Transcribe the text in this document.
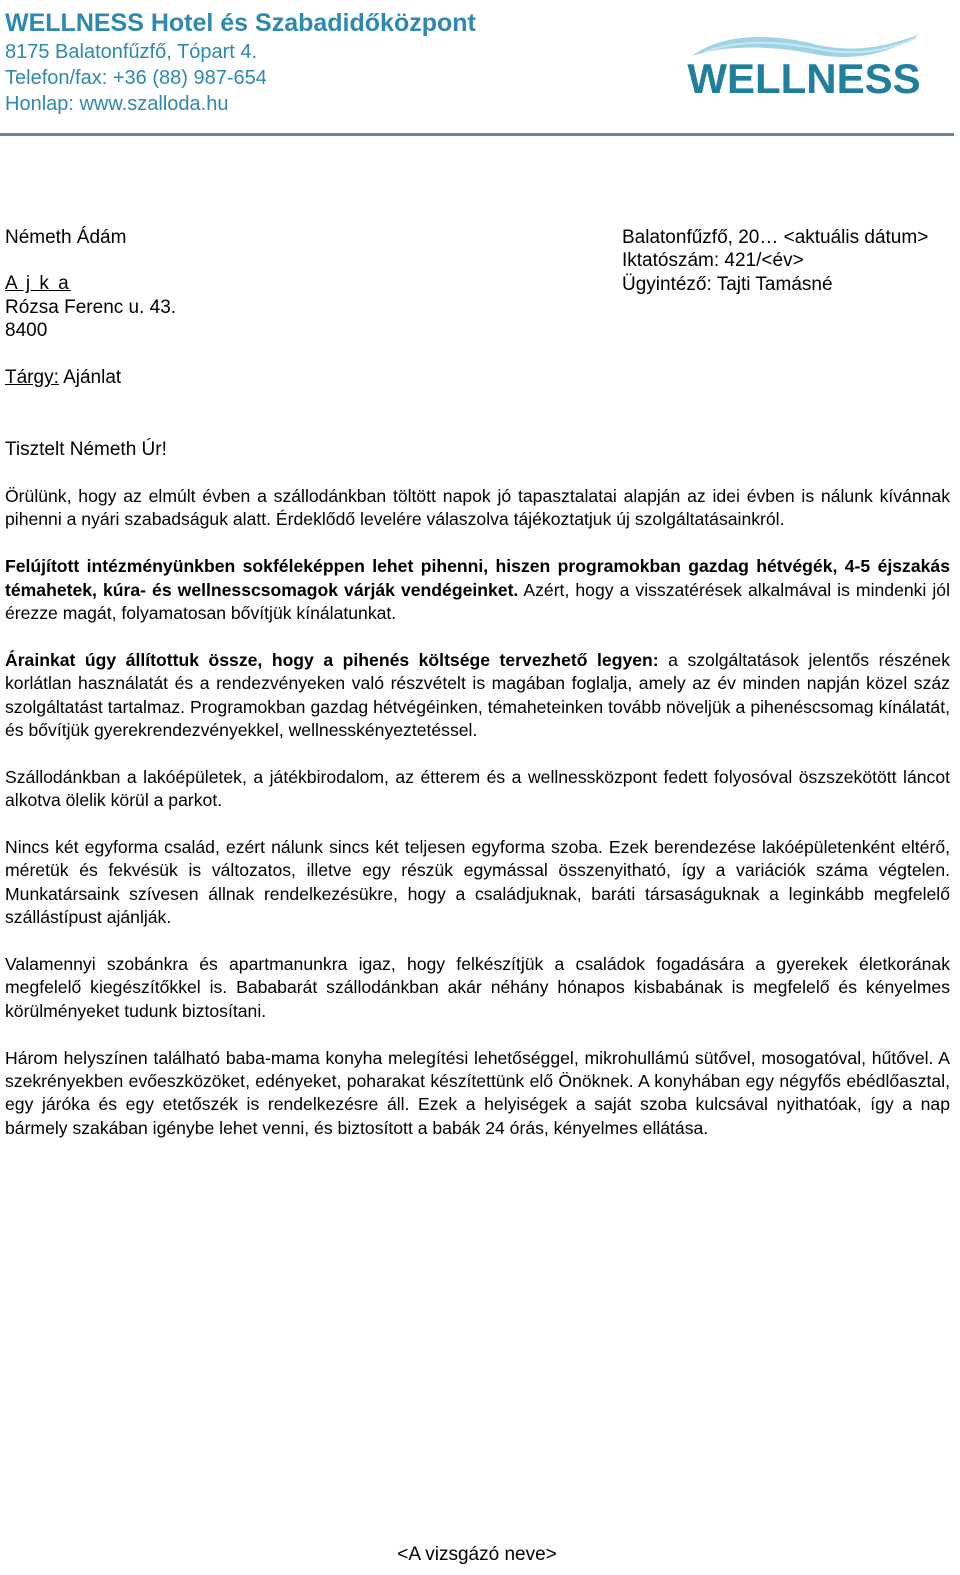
WELLNESS Hotel és Szabadidőközpont

8175 Balatonfűzfő, Tópart 4.

Telefon/fax: +36 (88) 987-654

Honlap: www.szalloda.hu

WELLNESS
Németh Ádám
A j k a
Rózsa Ferenc u. 43.
8400
Balatonfűzfő, 20… <aktuális dátum>
Iktatószám: 421/<év>
Ügyintéző: Tajti Tamásné
Tárgy: Ajánlat
Tisztelt Németh Úr!

Örülünk, hogy az elmúlt évben a szállodánkban töltött napok jó tapasztalatai alapján az idei évben is nálunk kívánnak pihenni a nyári szabadságuk alatt. Érdeklődő levelére válaszolva tájékoztatjuk új szolgáltatásainkról.

Felújított intézményünkben sokféleképpen lehet pihenni, hiszen programokban gazdag hétvégék, 4-5 éjszakás témahetek, kúra- és wellnesscsomagok várják vendégeinket. Azért, hogy a visszatérések alkalmával is mindenki jól érezze magát, folyamatosan bővítjük kínálatunkat.

Árainkat úgy állítottuk össze, hogy a pihenés költsége tervezhető legyen: a szolgáltatások jelentős részének korlátlan használatát és a rendezvényeken való részvételt is magában foglalja, amely az év minden napján közel száz szolgáltatást tartalmaz. Programokban gazdag hétvégéinken, témaheteinken tovább növeljük a pihenéscsomag kínálatát, és bővítjük gyerekrendezvényekkel, wellnesskényeztetéssel.

Szállodánkban a lakóépületek, a játékbirodalom, az étterem és a wellnessközpont fedett folyosóval öszszekötött láncot alkotva ölelik körül a parkot.

Nincs két egyforma család, ezért nálunk sincs két teljesen egyforma szoba. Ezek berendezése lakóépületenként eltérő, méretük és fekvésük is változatos, illetve egy részük egymással összenyitható, így a variációk száma végtelen. Munkatársaink szívesen állnak rendelkezésükre, hogy a családjuknak, baráti társaságuknak a leginkább megfelelő szállástípust ajánlják.

Valamennyi szobánkra és apartmanunkra igaz, hogy felkészítjük a családok fogadására a gyerekek életkorának megfelelő kiegészítőkkel is. Bababarát szállodánkban akár néhány hónapos kisbabának is megfelelő és kényelmes körülményeket tudunk biztosítani.

Három helyszínen található baba-mama konyha melegítési lehetőséggel, mikrohullámú sütővel, mosogatóval, hűtővel. A szekrényekben evőeszközöket, edényeket, poharakat készítettünk elő Önöknek. A konyhában egy négyfős ebédlőasztal, egy járóka és egy etetőszék is rendelkezésre áll. Ezek a helyiségek a saját szoba kulcsával nyithatóak, így a nap bármely szakában igénybe lehet venni, és biztosított a babák 24 órás, kényelmes ellátása.

<A vizsgázó neve>
